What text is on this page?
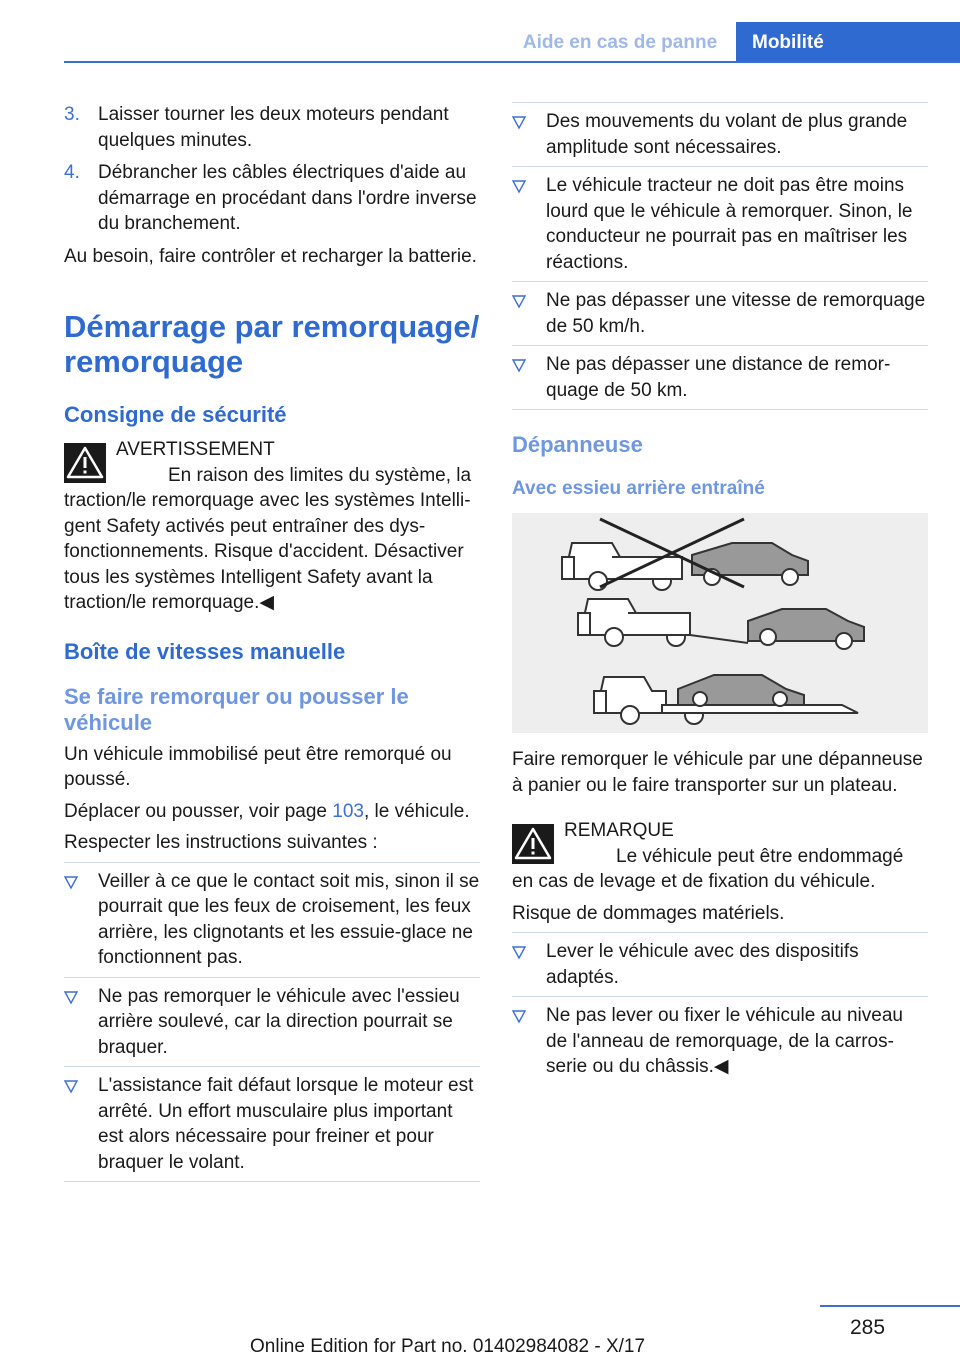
Aide en cas de panne	Mobilité
3. Laisser tourner les deux moteurs pendant quelques minutes.
4. Débrancher les câbles électriques d'aide au démarrage en procédant dans l'ordre inverse du branchement.

Au besoin, faire contrôler et recharger la batterie.

Démarrage par remorquage/ remorquage
Consigne de sécurité
AVERTISSEMENT
En raison des limites du système, la traction/le remorquage avec les systèmes Intelligent Safety activés peut entraîner des dysfonctionnements. Risque d'accident. Désactiver tous les systèmes Intelligent Safety avant la traction/le remorquage.◀
Boîte de vitesses manuelle
Se faire remorquer ou pousser le véhicule

Un véhicule immobilisé peut être remorqué ou poussé.

Déplacer ou pousser, voir page 103, le véhicule.

Respecter les instructions suivantes :

Veiller à ce que le contact soit mis, sinon il se pourrait que les feux de croisement, les feux arrière, les clignotants et les essuie-glace ne fonctionnent pas.
Ne pas remorquer le véhicule avec l'essieu arrière soulevé, car la direction pourrait se braquer.
L'assistance fait défaut lorsque le moteur est arrêté. Un effort musculaire plus important est alors nécessaire pour freiner et pour braquer le volant.
Des mouvements du volant de plus grande amplitude sont nécessaires.
Le véhicule tracteur ne doit pas être moins lourd que le véhicule à remorquer. Sinon, le conducteur ne pourrait pas en maîtriser les réactions.
Ne pas dépasser une vitesse de remorquage de 50 km/h.
Ne pas dépasser une distance de remorquage de 50 km.
Dépanneuse
Avec essieu arrière entraîné

Faire remorquer le véhicule par une dépanneuse à panier ou le faire transporter sur un plateau.

REMARQUE
Le véhicule peut être endommagé en cas de levage et de fixation du véhicule.

Risque de dommages matériels.

Lever le véhicule avec des dispositifs adaptés.
Ne pas lever ou fixer le véhicule au niveau de l'anneau de remorquage, de la carrosserie ou du châssis.◀
285
Online Edition for Part no. 01402984082 - X/17
